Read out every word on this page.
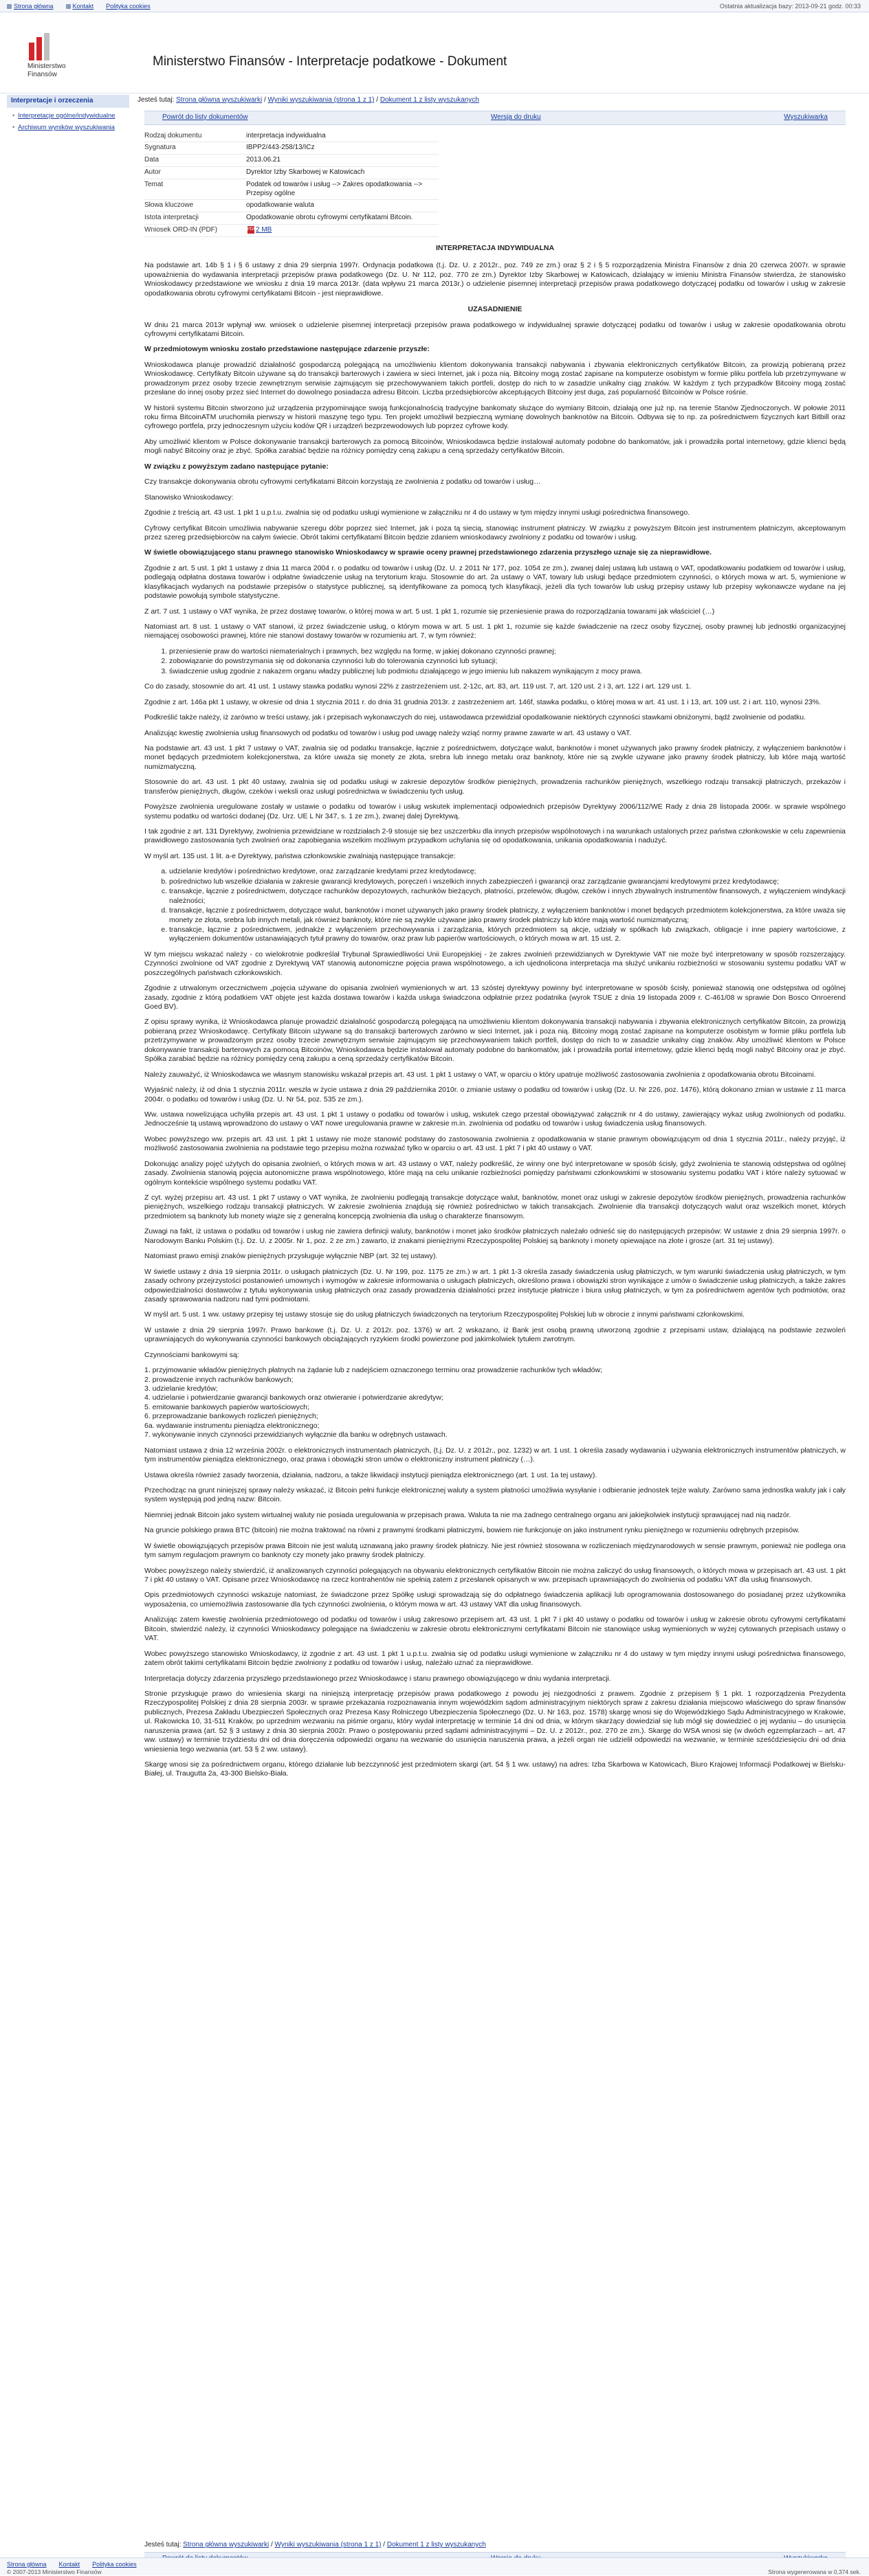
Strona główna	Kontakt Polityka cookies	Ostatnia aktualizacja bazy: 2013-09-21 godz. 00:33
Ministerstwo
Finansów
Ministerstwo Finansów - Interpretacje podatkowe - Dokument
Interpretacje i orzeczenia
• Interpretacje ogólne/indywidualne
• Archiwum wyników wyszukiwania
Jesteś tutaj: Strona główna wyszukiwarki / Wyniki wyszukiwania (strona 1 z 1) / Dokument 1 z listy wyszukanych
Powrót do listy dokumentów	Wersja do druku	Wyszukiwarka
Rodzaj dokumentu	interpretacja indywidualna
Sygnatura	IBPP2/443-258/13/ICz
Data	2013.06.21
Autor	Dyrektor Izby Skarbowej w Katowicach
Temat	Podatek od towarów i usług --> Zakres opodatkowania --> Przepisy ogólne
Słowa kluczowe	opodatkowanie waluta
Istota interpretacji	Opodatkowanie obrotu cyfrowymi certyfikatami Bitcoin.
Wniosek ORD-IN (PDF)	PDF2 MB
INTERPRETACJA INDYWIDUALNA

Na podstawie art. 14b § 1 i § 6 ustawy z dnia 29 sierpnia 1997r. Ordynacja podatkowa (t.j. Dz. U. z 2012r., poz. 749 ze zm.) oraz § 2 i § 5 rozporządzenia Ministra Finansów z dnia 20 czerwca 2007r. w sprawie upoważnienia do wydawania interpretacji przepisów prawa podatkowego (Dz. U. Nr 112, poz. 770 ze zm.) Dyrektor Izby Skarbowej w Katowicach, działający w imieniu Ministra Finansów stwierdza, że stanowisko Wnioskodawcy przedstawione we wniosku z dnia 19 marca 2013r. (data wpływu 21 marca 2013r.) o udzielenie pisemnej interpretacji przepisów prawa podatkowego dotyczącej podatku od towarów i usług w zakresie opodatkowania obrotu cyfrowymi certyfikatami Bitcoin - jest nieprawidłowe.

UZASADNIENIE

W dniu 21 marca 2013r wpłynął ww. wniosek o udzielenie pisemnej interpretacji przepisów prawa podatkowego w indywidualnej sprawie dotyczącej podatku od towarów i usług w zakresie opodatkowania obrotu cyfrowymi certyfikatami Bitcoin.

W przedmiotowym wniosku zostało przedstawione następujące zdarzenie przyszłe:

Wnioskodawca planuje prowadzić działalność gospodarczą polegającą na umożliwieniu klientom dokonywania transakcji nabywania i zbywania elektronicznych certyfikatów Bitcoin, za prowizją pobieraną przez Wnioskodawcę. Certyfikaty Bitcoin używane są do transakcji barterowych i zawiera w sieci Internet, jak i poza nią. Bitcoiny mogą zostać zapisane na komputerze osobistym w formie pliku portfela lub przetrzymywane w prowadzonym przez osoby trzecie zewnętrznym serwisie zajmującym się przechowywaniem takich portfeli, dostęp do nich to w zasadzie unikalny ciąg znaków. W każdym z tych przypadków Bitcoiny mogą zostać przesłane do innej osoby przez sieć Internet do dowolnego posiadacza adresu Bitcoin. Liczba przedsiębiorców akceptujących Bitcoiny jest duga, zaś popularność Bitcoinów w Polsce rośnie.

W historii systemu Bitcoin stworzono już urządzenia przypominające swoją funkcjonalnością tradycyjne bankomaty służące do wymiany Bitcoin, działają one już np. na terenie Stanów Zjednoczonych. W połowie 2011 roku firma BitcoinATM uruchomiła pierwszy w historii maszynę tego typu. Ten projekt umożliwił bezpieczną wymianę dowolnych banknotów na Bitcoin. Odbywa się to np. za pośrednictwem fizycznych kart Bitbill oraz cyfrowego portfela, przy jednoczesnym użyciu kodów QR i urządzeń bezprzewodowych lub poprzez cyfrowe kody.

Aby umożliwić klientom w Polsce dokonywanie transakcji barterowych za pomocą Bitcoinów, Wnioskodawca będzie instalował automaty podobne do bankomatów, jak i prowadziła portal internetowy, gdzie klienci będą mogli nabyć Bitcoiny oraz je zbyć. Spółka zarabiać będzie na różnicy pomiędzy ceną zakupu a ceną sprzedaży certyfikatów Bitcoin.

W związku z powyższym zadano następujące pytanie:

Czy transakcje dokonywania obrotu cyfrowymi certyfikatami Bitcoin korzystają ze zwolnienia z podatku od towarów i usług…

Stanowisko Wnioskodawcy:

Zgodnie z treścią art. 43 ust. 1 pkt 1 u.p.t.u. zwalnia się od podatku usługi wymienione w załączniku nr 4 do ustawy w tym między innymi usługi pośrednictwa finansowego.

Cyfrowy certyfikat Bitcoin umożliwia nabywanie szeregu dóbr poprzez sieć Internet, jak i poza tą siecią, stanowiąc instrument płatniczy. W związku z powyższym Bitcoin jest instrumentem płatniczym, akceptowanym przez szereg przedsiębiorców na całym świecie. Obrót takimi certyfikatami Bitcoin będzie zdaniem wnioskodawcy zwolniony z podatku od towarów i usług.

W świetle obowiązującego stanu prawnego stanowisko Wnioskodawcy w sprawie oceny prawnej przedstawionego zdarzenia przyszłego uznaje się za nieprawidłowe.

Zgodnie z art. 5 ust. 1 pkt 1 ustawy z dnia 11 marca 2004 r. o podatku od towarów i usług (Dz. U. z 2011 Nr 177, poz. 1054 ze zm.), zwanej dalej ustawą lub ustawą o VAT, opodatkowaniu podatkiem od towarów i usług, podlegają odpłatna dostawa towarów i odpłatne świadczenie usług na terytorium kraju. Stosownie do art. 2a ustawy o VAT, towary lub usługi będące przedmiotem czynności, o których mowa w art. 5, wymienione w klasyfikacjach wydanych na podstawie przepisów o statystyce publicznej, są identyfikowane za pomocą tych klasyfikacji, jeżeli dla tych towarów lub usług przepisy ustawy lub przepisy wykonawcze wydane na jej podstawie powołują symbole statystyczne.

Z art. 7 ust. 1 ustawy o VAT wynika, że przez dostawę towarów, o której mowa w art. 5 ust. 1 pkt 1, rozumie się przeniesienie prawa do rozporządzania towarami jak właściciel (…)

Natomiast art. 8 ust. 1 ustawy o VAT stanowi, iż przez świadczenie usług, o którym mowa w art. 5 ust. 1 pkt 1, rozumie się każde świadczenie na rzecz osoby fizycznej, osoby prawnej lub jednostki organizacyjnej niemającej osobowości prawnej, które nie stanowi dostawy towarów w rozumieniu art. 7, w tym również:

1. przeniesienie praw do wartości niematerialnych i prawnych, bez względu na formę, w jakiej dokonano czynności prawnej;
2. zobowiązanie do powstrzymania się od dokonania czynności lub do tolerowania czynności lub sytuacji;
3. świadczenie usług zgodnie z nakazem organu władzy publicznej lub podmiotu działającego w jego imieniu lub nakazem wynikającym z mocy prawa.

Co do zasady, stosownie do art. 41 ust. 1 ustawy stawka podatku wynosi 22% z zastrzeżeniem ust. 2-12c, art. 83, art. 119 ust. 7, art. 120 ust. 2 i 3, art. 122 i art. 129 ust. 1.

Zgodnie z art. 146a pkt 1 ustawy, w okresie od dnia 1 stycznia 2011 r. do dnia 31 grudnia 2013r. z zastrzeżeniem art. 146f, stawka podatku, o której mowa w art. 41 ust. 1 i 13, art. 109 ust. 2 i art. 110, wynosi 23%.

Podkreślić także należy, iż zarówno w treści ustawy, jak i przepisach wykonawczych do niej, ustawodawca przewidział opodatkowanie niektórych czynności stawkami obniżonymi, bądź zwolnienie od podatku.

Analizując kwestię zwolnienia usług finansowych od podatku od towarów i usług pod uwagę należy wziąć normy prawne zawarte w art. 43 ustawy o VAT.

Na podstawie art. 43 ust. 1 pkt 7 ustawy o VAT, zwalnia się od podatku transakcje, łącznie z pośrednictwem, dotyczące walut, banknotów i monet używanych jako prawny środek płatniczy, z wyłączeniem banknotów i monet będących przedmiotem kolekcjonerstwa, za które uważa się monety ze złota, srebra lub innego metalu oraz banknoty, które nie są zwykle używane jako prawny środek płatniczy, lub które mają wartość numizmatyczną.

Stosownie do art. 43 ust. 1 pkt 40 ustawy, zwalnia się od podatku usługi w zakresie depozytów środków pieniężnych, prowadzenia rachunków pieniężnych, wszelkiego rodzaju transakcji płatniczych, przekazów i transferów pieniężnych, długów, czeków i weksli oraz usługi pośrednictwa w świadczeniu tych usług.

Powyższe zwolnienia uregulowane zostały w ustawie o podatku od towarów i usług wskutek implementacji odpowiednich przepisów Dyrektywy 2006/112/WE Rady z dnia 28 listopada 2006r. w sprawie wspólnego systemu podatku od wartości dodanej (Dz. Urz. UE L Nr 347, s. 1 ze zm.), zwanej dalej Dyrektywą.

I tak zgodnie z art. 131 Dyrektywy, zwolnienia przewidziane w rozdziałach 2-9 stosuje się bez uszczerbku dla innych przepisów wspólnotowych i na warunkach ustalonych przez państwa członkowskie w celu zapewnienia prawidłowego zastosowania tych zwolnień oraz zapobiegania wszelkim możliwym przypadkom uchylania się od opodatkowania, unikania opodatkowania i nadużyć.

W myśl art. 135 ust. 1 lit. a-e Dyrektywy, państwa członkowskie zwalniają następujące transakcje:

a. udzielanie kredytów i pośrednictwo kredytowe, oraz zarządzanie kredytami przez kredytodawcę;
b. pośrednictwo lub wszelkie działania w zakresie gwarancji kredytowych, poręczeń i wszelkich innych zabezpieczeń i gwarancji oraz zarządzanie gwarancjami kredytowymi przez kredytodawcę;
c. transakcje, łącznie z pośrednictwem, dotyczące rachunków depozytowych, rachunków bieżących, płatności, przelewów, długów, czeków i innych zbywalnych instrumentów finansowych, z wyłączeniem windykacji należności;
d. transakcje, łącznie z pośrednictwem, dotyczące walut, banknotów i monet używanych jako prawny środek płatniczy, z wyłączeniem banknotów i monet będących przedmiotem kolekcjonerstwa, za które uważa się monety ze złota, srebra lub innych metali, jak również banknoty, które nie są zwykle używane jako prawny środek płatniczy lub które mają wartość numizmatyczną;
e. transakcje, łącznie z pośrednictwem, jednakże z wyłączeniem przechowywania i zarządzania, których przedmiotem są akcje, udziały w spółkach lub związkach, obligacje i inne papiery wartościowe, z wyłączeniem dokumentów ustanawiających tytuł prawny do towarów, oraz praw lub papierów wartościowych, o których mowa w art. 15 ust. 2.

W tym miejscu wskazać należy - co wielokrotnie podkreślał Trybunał Sprawiedliwości Unii Europejskiej - że zakres zwolnień przewidzianych w Dyrektywie VAT nie może być interpretowany w sposób rozszerzający. Czynności zwolnione od VAT zgodnie z Dyrektywą VAT stanowią autonomiczne pojęcia prawa wspólnotowego, a ich ujednolicona interpretacja ma służyć unikaniu rozbieżności w stosowaniu systemu podatku VAT w poszczególnych państwach członkowskich.

Zgodnie z utrwalonym orzecznictwem „pojęcia używane do opisania zwolnień wymienionych w art. 13 szóstej dyrektywy powinny być interpretowane w sposób ścisły, ponieważ stanowią one odstępstwa od ogólnej zasady, zgodnie z którą podatkiem VAT objęte jest każda dostawa towarów i każda usługa świadczona odpłatnie przez podatnika (wyrok TSUE z dnia 19 listopada 2009 r. C-461/08 w sprawie Don Bosco Onroerend Goed BV).

Z opisu sprawy wynika, iż Wnioskodawca planuje prowadzić działalność gospodarczą polegającą na umożliwieniu klientom dokonywania transakcji nabywania i zbywania elektronicznych certyfikatów Bitcoin, za prowizją pobieraną przez Wnioskodawcę. Certyfikaty Bitcoin używane są do transakcji barterowych zarówno w sieci Internet, jak i poza nią. Bitcoiny mogą zostać zapisane na komputerze osobistym w formie pliku portfela lub przetrzymywane w prowadzonym przez osoby trzecie zewnętrznym serwisie zajmującym się przechowywaniem takich portfeli, dostęp do nich to w zasadzie unikalny ciąg znaków. Aby umożliwić klientom w Polsce dokonywanie transakcji barterowych za pomocą Bitcoinów, Wnioskodawca będzie instalował automaty podobne do bankomatów, jak i prowadziła portal internetowy, gdzie klienci będą mogli nabyć Bitcoiny oraz je zbyć. Spółka zarabiać będzie na różnicy pomiędzy ceną zakupu a ceną sprzedaży certyfikatów Bitcoin.

Należy zauważyć, iż Wnioskodawca we własnym stanowisku wskazał przepis art. 43 ust. 1 pkt 1 ustawy o VAT, w oparciu o który upatruje możliwość zastosowania zwolnienia z opodatkowania obrotu Bitcoinami.

Wyjaśnić należy, iż od dnia 1 stycznia 2011r. weszła w życie ustawa z dnia 29 października 2010r. o zmianie ustawy o podatku od towarów i usług (Dz. U. Nr 226, poz. 1476), którą dokonano zmian w ustawie z 11 marca 2004r. o podatku od towarów i usług (Dz. U. Nr 54, poz. 535 ze zm.).

Ww. ustawa nowelizująca uchyliła przepis art. 43 ust. 1 pkt 1 ustawy o podatku od towarów i usług, wskutek czego przestał obowiązywać załącznik nr 4 do ustawy, zawierający wykaz usług zwolnionych od podatku. Jednocześnie tą ustawą wprowadzono do ustawy o VAT nowe uregulowania prawne w zakresie m.in. zwolnienia od podatku od towarów i usług świadczenia usług finansowych.

Wobec powyższego ww. przepis art. 43 ust. 1 pkt 1 ustawy nie może stanowić podstawy do zastosowania zwolnienia z opodatkowania w stanie prawnym obowiązującym od dnia 1 stycznia 2011r., należy przyjąć, iż możliwość zastosowania zwolnienia na podstawie tego przepisu można rozważać tylko w oparciu o art. 43 ust. 1 pkt 7 i pkt 40 ustawy o VAT.

Dokonując analizy pojęć użytych do opisania zwolnień, o których mowa w art. 43 ustawy o VAT, należy podkreślić, że winny one być interpretowane w sposób ścisły, gdyż zwolnienia te stanowią odstępstwa od ogólnej zasady. Zwolnienia stanowią pojęcia autonomiczne prawa wspólnotowego, które mają na celu unikanie rozbieżności pomiędzy państwami członkowskimi w stosowaniu systemu podatku VAT i które należy sytuować w ogólnym kontekście wspólnego systemu podatku VAT.

Z cyt. wyżej przepisu art. 43 ust. 1 pkt 7 ustawy o VAT wynika, że zwolnieniu podlegają transakcje dotyczące walut, banknotów, monet oraz usługi w zakresie depozytów środków pieniężnych, prowadzenia rachunków pieniężnych, wszelkiego rodzaju transakcji płatniczych. W zakresie zwolnienia znajdują się również pośrednictwo w takich transakcjach. Zwolnienie dla transakcji dotyczących walut oraz wszelkich monet, których przedmiotem są banknoty lub monety wiąże się z generalną koncepcją zwolnienia dla usług o charakterze finansowym.

Zuwagi na fakt, iż ustawa o podatku od towarów i usług nie zawiera definicji waluty, banknotów i monet jako środków płatniczych należało odnieść się do następujących przepisów: W ustawie z dnia 29 sierpnia 1997r. o Narodowym Banku Polskim (t.j. Dz. U. z 2005r. Nr 1, poz. 2 ze zm.) zawarto, iż znakami pieniężnymi Rzeczypospolitej Polskiej są banknoty i monety opiewające na złote i grosze (art. 31 tej ustawy).

Natomiast prawo emisji znaków pieniężnych przysługuje wyłącznie NBP (art. 32 tej ustawy).

W świetle ustawy z dnia 19 sierpnia 2011r. o usługach płatniczych (Dz. U. Nr 199, poz. 1175 ze zm.) w art. 1 pkt 1-3 określa zasady świadczenia usług płatniczych, w tym warunki świadczenia usług płatniczych, w tym zasady ochrony przejrzystości postanowień umownych i wymogów w zakresie informowania o usługach płatniczych, określono prawa i obowiązki stron wynikające z umów o świadczenie usług płatniczych, a także zakres odpowiedzialności dostawców z tytułu wykonywania usług płatniczych oraz zasady prowadzenia działalności przez instytucje płatnicze i biura usług płatniczych, w tym za pośrednictwem agentów tych podmiotów, oraz zasady sprawowania nadzoru nad tymi podmiotami.

W myśl art. 5 ust. 1 ww. ustawy przepisy tej ustawy stosuje się do usług płatniczych świadczonych na terytorium Rzeczypospolitej Polskiej lub w obrocie z innymi państwami członkowskimi.

W ustawie z dnia 29 sierpnia 1997r. Prawo bankowe (t.j. Dz. U. z 2012r. poz. 1376) w art. 2 wskazano, iż Bank jest osobą prawną utworzoną zgodnie z przepisami ustaw, działającą na podstawie zezwoleń uprawniających do wykonywania czynności bankowych obciążających ryzykiem środki powierzone pod jakimkolwiek tytułem zwrotnym.

Czynnościami bankowymi są:

1. przyjmowanie wkładów pieniężnych płatnych na żądanie lub z nadejściem oznaczonego terminu oraz prowadzenie rachunków tych wkładów;
2. prowadzenie innych rachunków bankowych;
3. udzielanie kredytów;
4. udzielanie i potwierdzanie gwarancji bankowych oraz otwieranie i potwierdzanie akredytyw;
5. emitowanie bankowych papierów wartościowych;
6. przeprowadzanie bankowych rozliczeń pieniężnych;
6a. wydawanie instrumentu pieniądza elektronicznego;
7. wykonywanie innych czynności przewidzianych wyłącznie dla banku w odrębnych ustawach.

Natomiast ustawa z dnia 12 września 2002r. o elektronicznych instrumentach płatniczych, (t.j. Dz. U. z 2012r., poz. 1232) w art. 1 ust. 1 określa zasady wydawania i używania elektronicznych instrumentów płatniczych, w tym instrumentów pieniądza elektronicznego, oraz prawa i obowiązki stron umów o elektroniczny instrument płatniczy (…).

Ustawa określa również zasady tworzenia, działania, nadzoru, a także likwidacji instytucji pieniądza elektronicznego (art. 1 ust. 1a tej ustawy).

Przechodząc na grunt niniejszej sprawy należy wskazać, iż Bitcoin pełni funkcje elektronicznej waluty a system płatności umożliwia wysyłanie i odbieranie jednostek tejże waluty. Zarówno sama jednostka waluty jak i cały system występują pod jedną nazw: Bitcoin.

Niemniej jednak Bitcoin jako system wirtualnej waluty nie posiada uregulowania w przepisach prawa. Waluta ta nie ma żadnego centralnego organu ani jakiejkolwiek instytucji sprawującej nad nią nadzór.

Na gruncie polskiego prawa BTC (bitcoin) nie można traktować na równi z prawnymi środkami płatniczymi, bowiem nie funkcjonuje on jako instrument rynku pieniężnego w rozumieniu odrębnych przepisów.

W świetle obowiązujących przepisów prawa Bitcoin nie jest walutą uznawaną jako prawny środek płatniczy. Nie jest również stosowana w rozliczeniach międzynarodowych w sensie prawnym, ponieważ nie podlega ona tym samym regulacjom prawnym co banknoty czy monety jako prawny środek płatniczy.

Wobec powyższego należy stwierdzić, iż analizowanych czynności polegających na obywaniu elektronicznych certyfikatów Bitcoin nie można zaliczyć do usług finansowych, o których mowa w przepisach art. 43 ust. 1 pkt 7 i pkt 40 ustawy o VAT. Opisane przez Wnioskodawcę na rzecz kontrahentów nie spełnią zatem z przesłanek opisanych w ww. przepisach uprawniających do zwolnienia od podatku VAT dla usług finansowych.

Opis przedmiotowych czynności wskazuje natomiast, że świadczone przez Spółkę usługi sprowadzają się do odpłatnego świadczenia aplikacji lub oprogramowania dostosowanego do posiadanej przez użytkownika wyposażenia, co umiemożliwia zastosowanie dla tych czynności zwolnienia, o którym mowa w art. 43 ustawy VAT dla usług finansowych.

Analizując zatem kwestię zwolnienia przedmiotowego od podatku od towarów i usług zakresowo przepisem art. 43 ust. 1 pkt 7 i pkt 40 ustawy o podatku od towarów i usług w zakresie obrotu cyfrowymi certyfikatami Bitcoin, stwierdzić należy, iż czynności Wnioskodawcy polegające na świadczeniu w zakresie obrotu elektronicznymi certyfikatami Bitcoin nie stanowiące usług wymienionych w wyżej cytowanych przepisach ustawy o VAT.

Wobec powyższego stanowisko Wnioskodawcy, iż zgodnie z art. 43 ust. 1 pkt 1 u.p.t.u. zwalnia się od podatku usługi wymienione w załączniku nr 4 do ustawy w tym między innymi usługi pośrednictwa finansowego, zatem obrót takimi certyfikatami Bitcoin będzie zwolniony z podatku od towarów i usług, należało uznać za nieprawidłowe.

Interpretacja dotyczy zdarzenia przyszłego przedstawionego przez Wnioskodawcę i stanu prawnego obowiązującego w dniu wydania interpretacji.

Stronie przysługuje prawo do wniesienia skargi na niniejszą interpretację przepisów prawa podatkowego z powodu jej niezgodności z prawem. Zgodnie z przepisem § 1 pkt. 1 rozporządzenia Prezydenta Rzeczypospolitej Polskiej z dnia 28 sierpnia 2003r. w sprawie przekazania rozpoznawania innym wojewódzkim sądom administracyjnym niektórych spraw z zakresu działania miejscowo właściwego do spraw finansów publicznych, Prezesa Zakładu Ubezpieczeń Społecznych oraz Prezesa Kasy Rolniczego Ubezpieczenia Społecznego (Dz. U. Nr 163, poz. 1578) skargę wnosi się do Wojewódzkiego Sądu Administracyjnego w Krakowie, ul. Rakowicka 10, 31-511 Kraków, po uprzednim wezwaniu na piśmie organu, który wydał interpretację w terminie 14 dni od dnia, w którym skarżący dowiedział się lub mógł się dowiedzieć o jej wydaniu – do usunięcia naruszenia prawa (art. 52 § 3 ustawy z dnia 30 sierpnia 2002r. Prawo o postępowaniu przed sądami administracyjnymi – Dz. U. z 2012r., poz. 270 ze zm.). Skargę do WSA wnosi się (w dwóch egzemplarzach – art. 47 ww. ustawy) w terminie trzydziestu dni od dnia doręczenia odpowiedzi organu na wezwanie do usunięcia naruszenia prawa, a jeżeli organ nie udzielił odpowiedzi na wezwanie, w terminie sześćdziesięciu dni od dnia wniesienia tego wezwania (art. 53 § 2 ww. ustawy).

Skargę wnosi się za pośrednictwem organu, którego działanie lub bezczynność jest przedmiotem skargi (art. 54 § 1 ww. ustawy) na adres: Izba Skarbowa w Katowicach, Biuro Krajowej Informacji Podatkowej w Bielsku-Białej, ul. Traugutta 2a, 43-300 Bielsko-Biała.

Jesteś tutaj: Strona główna wyszukiwarki / Wyniki wyszukiwania (strona 1 z 1) / Dokument 1 z listy wyszukanych
Strona główna Kontakt Polityka cookies
© 2007-2013 Ministerstwo Finansów	Strona wygenerowana w 0,374 sek.
